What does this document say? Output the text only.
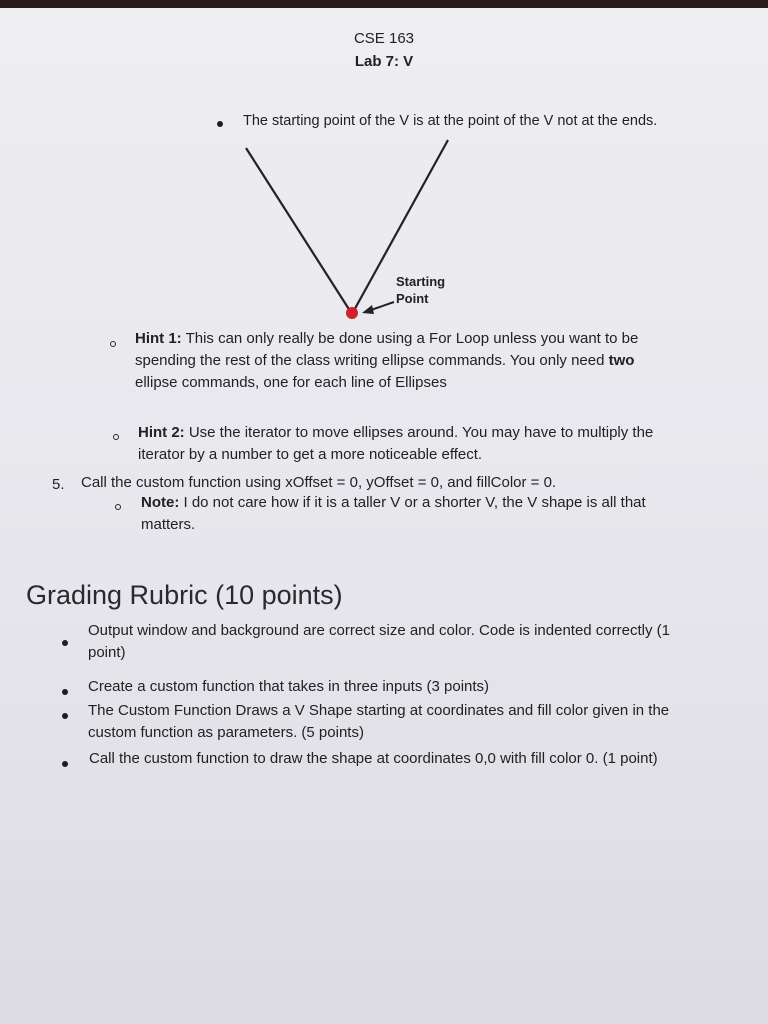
CSE 163
Lab 7: V
The starting point of the V is at the point of the V not at the ends.
Starting
Point
Hint 1: This can only really be done using a For Loop unless you want to be
spending the rest of the class writing ellipse commands. You only need two
ellipse commands, one for each line of Ellipses
Hint 2: Use the iterator to move ellipses around. You may have to multiply the
iterator by a number to get a more noticeable effect.
5. Call the custom function using xOffset = 0, yOffset = 0, and fillColor = 0.
Note: I do not care how if it is a taller V or a shorter V, the V shape is all that
matters.
Grading Rubric (10 points)
Output window and background are correct size and color. Code is indented correctly (1
point)
Create a custom function that takes in three inputs (3 points)
The Custom Function Draws a V Shape starting at coordinates and fill color given in the
custom function as parameters. (5 points)
Call the custom function to draw the shape at coordinates 0,0 with fill color 0. (1 point)
